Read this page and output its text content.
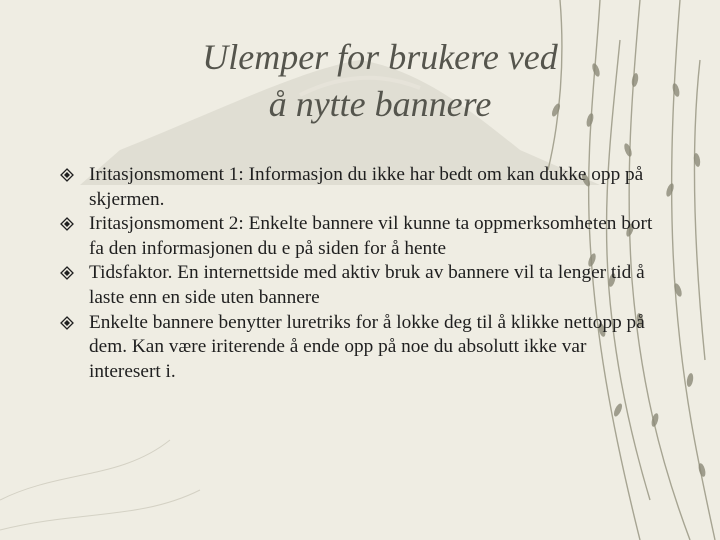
Ulemper for brukere ved
å nytte bannere
Iritasjonsmoment 1: Informasjon du ikke har bedt om kan dukke opp på skjermen.
Iritasjonsmoment 2: Enkelte bannere vil kunne ta oppmerksomheten bort fa den informasjonen du e på siden for å hente
Tidsfaktor. En internettside med aktiv bruk av bannere vil ta lenger tid å laste enn en side uten bannere
Enkelte bannere benytter luretriks for å lokke deg til å klikke nettopp på dem. Kan være iriterende å ende opp på noe du absolutt ikke var interesert i.
